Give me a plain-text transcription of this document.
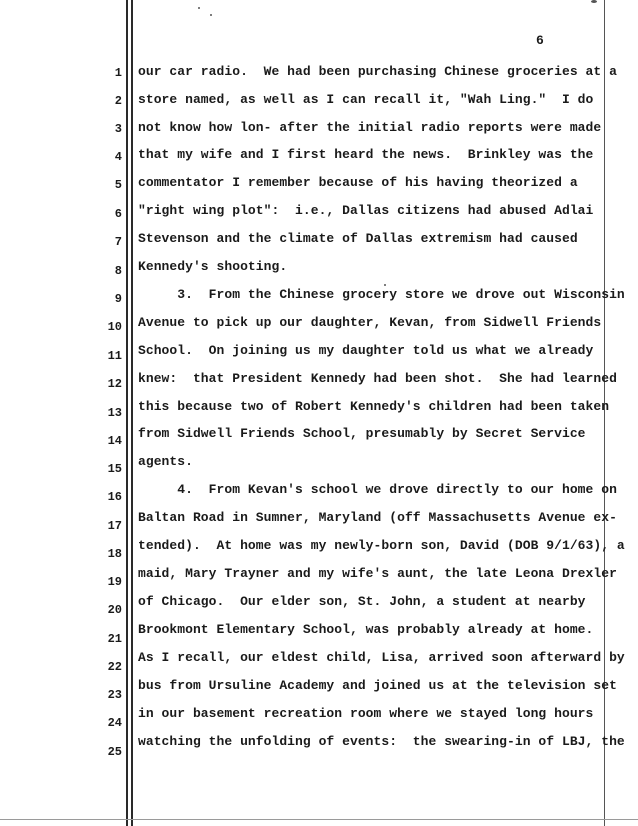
6
1
2
3
4
5
6
7
8
9
10
11
12
13
14
15
16
17
18
19
20
21
22
23
24
25
our car radio.  We had been purchasing Chinese groceries at a
store named, as well as I can recall it, "Wah Ling."  I do
not know how lon- after the initial radio reports were made
that my wife and I first heard the news.  Brinkley was the
commentator I remember because of his having theorized a
"right wing plot":  i.e., Dallas citizens had abused Adlai
Stevenson and the climate of Dallas extremism had caused
Kennedy's shooting.
3.  From the Chinese grocery store we drove out Wisconsin
Avenue to pick up our daughter, Kevan, from Sidwell Friends
School.  On joining us my daughter told us what we already
knew:  that President Kennedy had been shot.  She had learned
this because two of Robert Kennedy's children had been taken
from Sidwell Friends School, presumably by Secret Service
agents.
4.  From Kevan's school we drove directly to our home on
Baltan Road in Sumner, Maryland (off Massachusetts Avenue ex-
tended).  At home was my newly-born son, David (DOB 9/1/63), a
maid, Mary Trayner and my wife's aunt, the late Leona Drexler
of Chicago.  Our elder son, St. John, a student at nearby
Brookmont Elementary School, was probably already at home.
As I recall, our eldest child, Lisa, arrived soon afterward by
bus from Ursuline Academy and joined us at the television set
in our basement recreation room where we stayed long hours
watching the unfolding of events:  the swearing-in of LBJ, the
